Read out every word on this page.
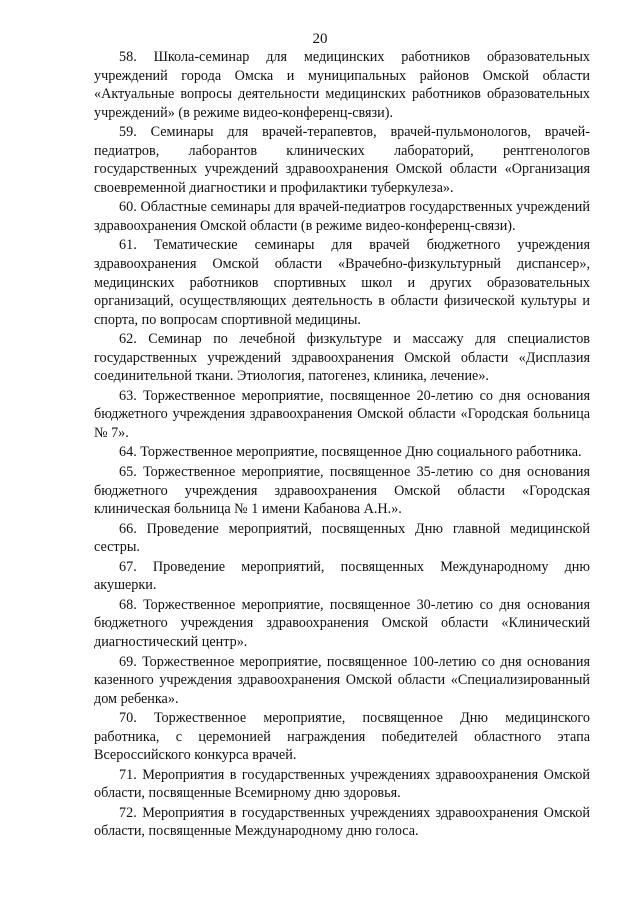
20

58. Школа-семинар для медицинских работников образовательных учреждений города Омска и муниципальных районов Омской области «Актуальные вопросы деятельности медицинских работников образовательных учреждений» (в режиме видео-конференц-связи).

59. Семинары для врачей-терапевтов, врачей-пульмонологов, врачей-педиатров, лаборантов клинических лабораторий, рентгенологов государственных учреждений здравоохранения Омской области «Организация своевременной диагностики и профилактики туберкулеза».

60. Областные семинары для врачей-педиатров государственных учреждений здравоохранения Омской области (в режиме видео-конференц-связи).

61. Тематические семинары для врачей бюджетного учреждения здравоохранения Омской области «Врачебно-физкультурный диспансер», медицинских работников спортивных школ и других образовательных организаций, осуществляющих деятельность в области физической культуры и спорта, по вопросам спортивной медицины.

62. Семинар по лечебной физкультуре и массажу для специалистов государственных учреждений здравоохранения Омской области «Дисплазия соединительной ткани. Этиология, патогенез, клиника, лечение».

63. Торжественное мероприятие, посвященное 20-летию со дня основания бюджетного учреждения здравоохранения Омской области «Городская больница № 7».

64. Торжественное мероприятие, посвященное Дню социального работника.

65. Торжественное мероприятие, посвященное 35-летию со дня основания бюджетного учреждения здравоохранения Омской области «Городская клиническая больница № 1 имени Кабанова А.Н.».

66. Проведение мероприятий, посвященных Дню главной медицинской сестры.

67. Проведение мероприятий, посвященных Международному дню акушерки.

68. Торжественное мероприятие, посвященное 30-летию со дня основания бюджетного учреждения здравоохранения Омской области «Клинический диагностический центр».

69. Торжественное мероприятие, посвященное 100-летию со дня основания казенного учреждения здравоохранения Омской области «Специализированный дом ребенка».

70. Торжественное мероприятие, посвященное Дню медицинского работника, с церемонией награждения победителей областного этапа Всероссийского конкурса врачей.

71. Мероприятия в государственных учреждениях здравоохранения Омской области, посвященные Всемирному дню здоровья.

72. Мероприятия в государственных учреждениях здравоохранения Омской области, посвященные Международному дню голоса.
